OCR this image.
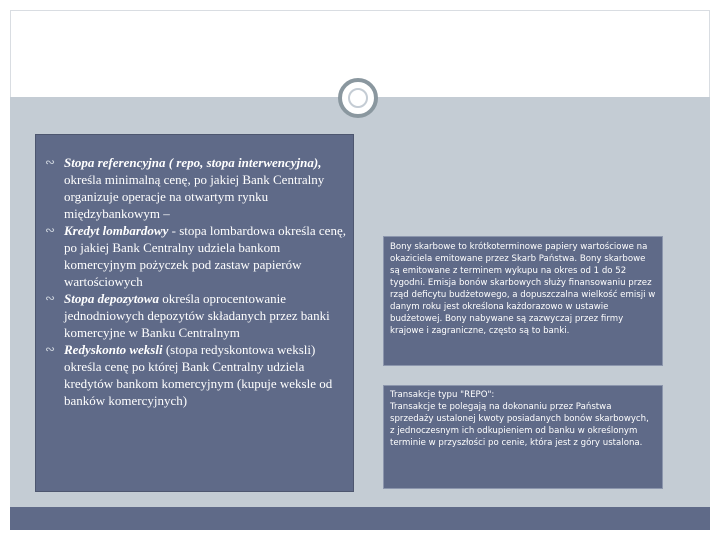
∾ Stopa referencyjna ( repo, stopa interwencyjna), określa minimalną cenę, po jakiej Bank Centralny organizuje operacje na otwartym rynku międzybankowym –
∾ Kredyt lombardowy - stopa lombardowa określa cenę, po jakiej Bank Centralny udziela bankom komercyjnym pożyczek pod zastaw papierów wartościowych
∾ Stopa depozytowa określa oprocentowanie jednodniowych depozytów składanych przez banki komercyjne w Banku Centralnym
∾ Redyskonto weksli (stopa redyskontowa weksli) określa cenę po której Bank Centralny udziela kredytów bankom komercyjnym (kupuje weksle od banków komercyjnych)

Bony skarbowe to krótkoterminowe papiery wartościowe na okaziciela emitowane przez Skarb Państwa. Bony skarbowe są emitowane z terminem wykupu na okres od 1 do 52 tygodni. Emisja bonów skarbowych służy finansowaniu przez rząd deficytu budżetowego, a dopuszczalna wielkość emisji w danym roku jest określona każdorazowo w ustawie budżetowej. Bony nabywane są zazwyczaj przez firmy krajowe i zagraniczne, często są to banki.

Transakcje typu "REPO":
Transakcje te polegają na dokonaniu przez Państwa sprzedaży ustalonej kwoty posiadanych bonów skarbowych, z jednoczesnym ich odkupieniem od banku w określonym terminie w przyszłości po cenie, która jest z góry ustalona.
